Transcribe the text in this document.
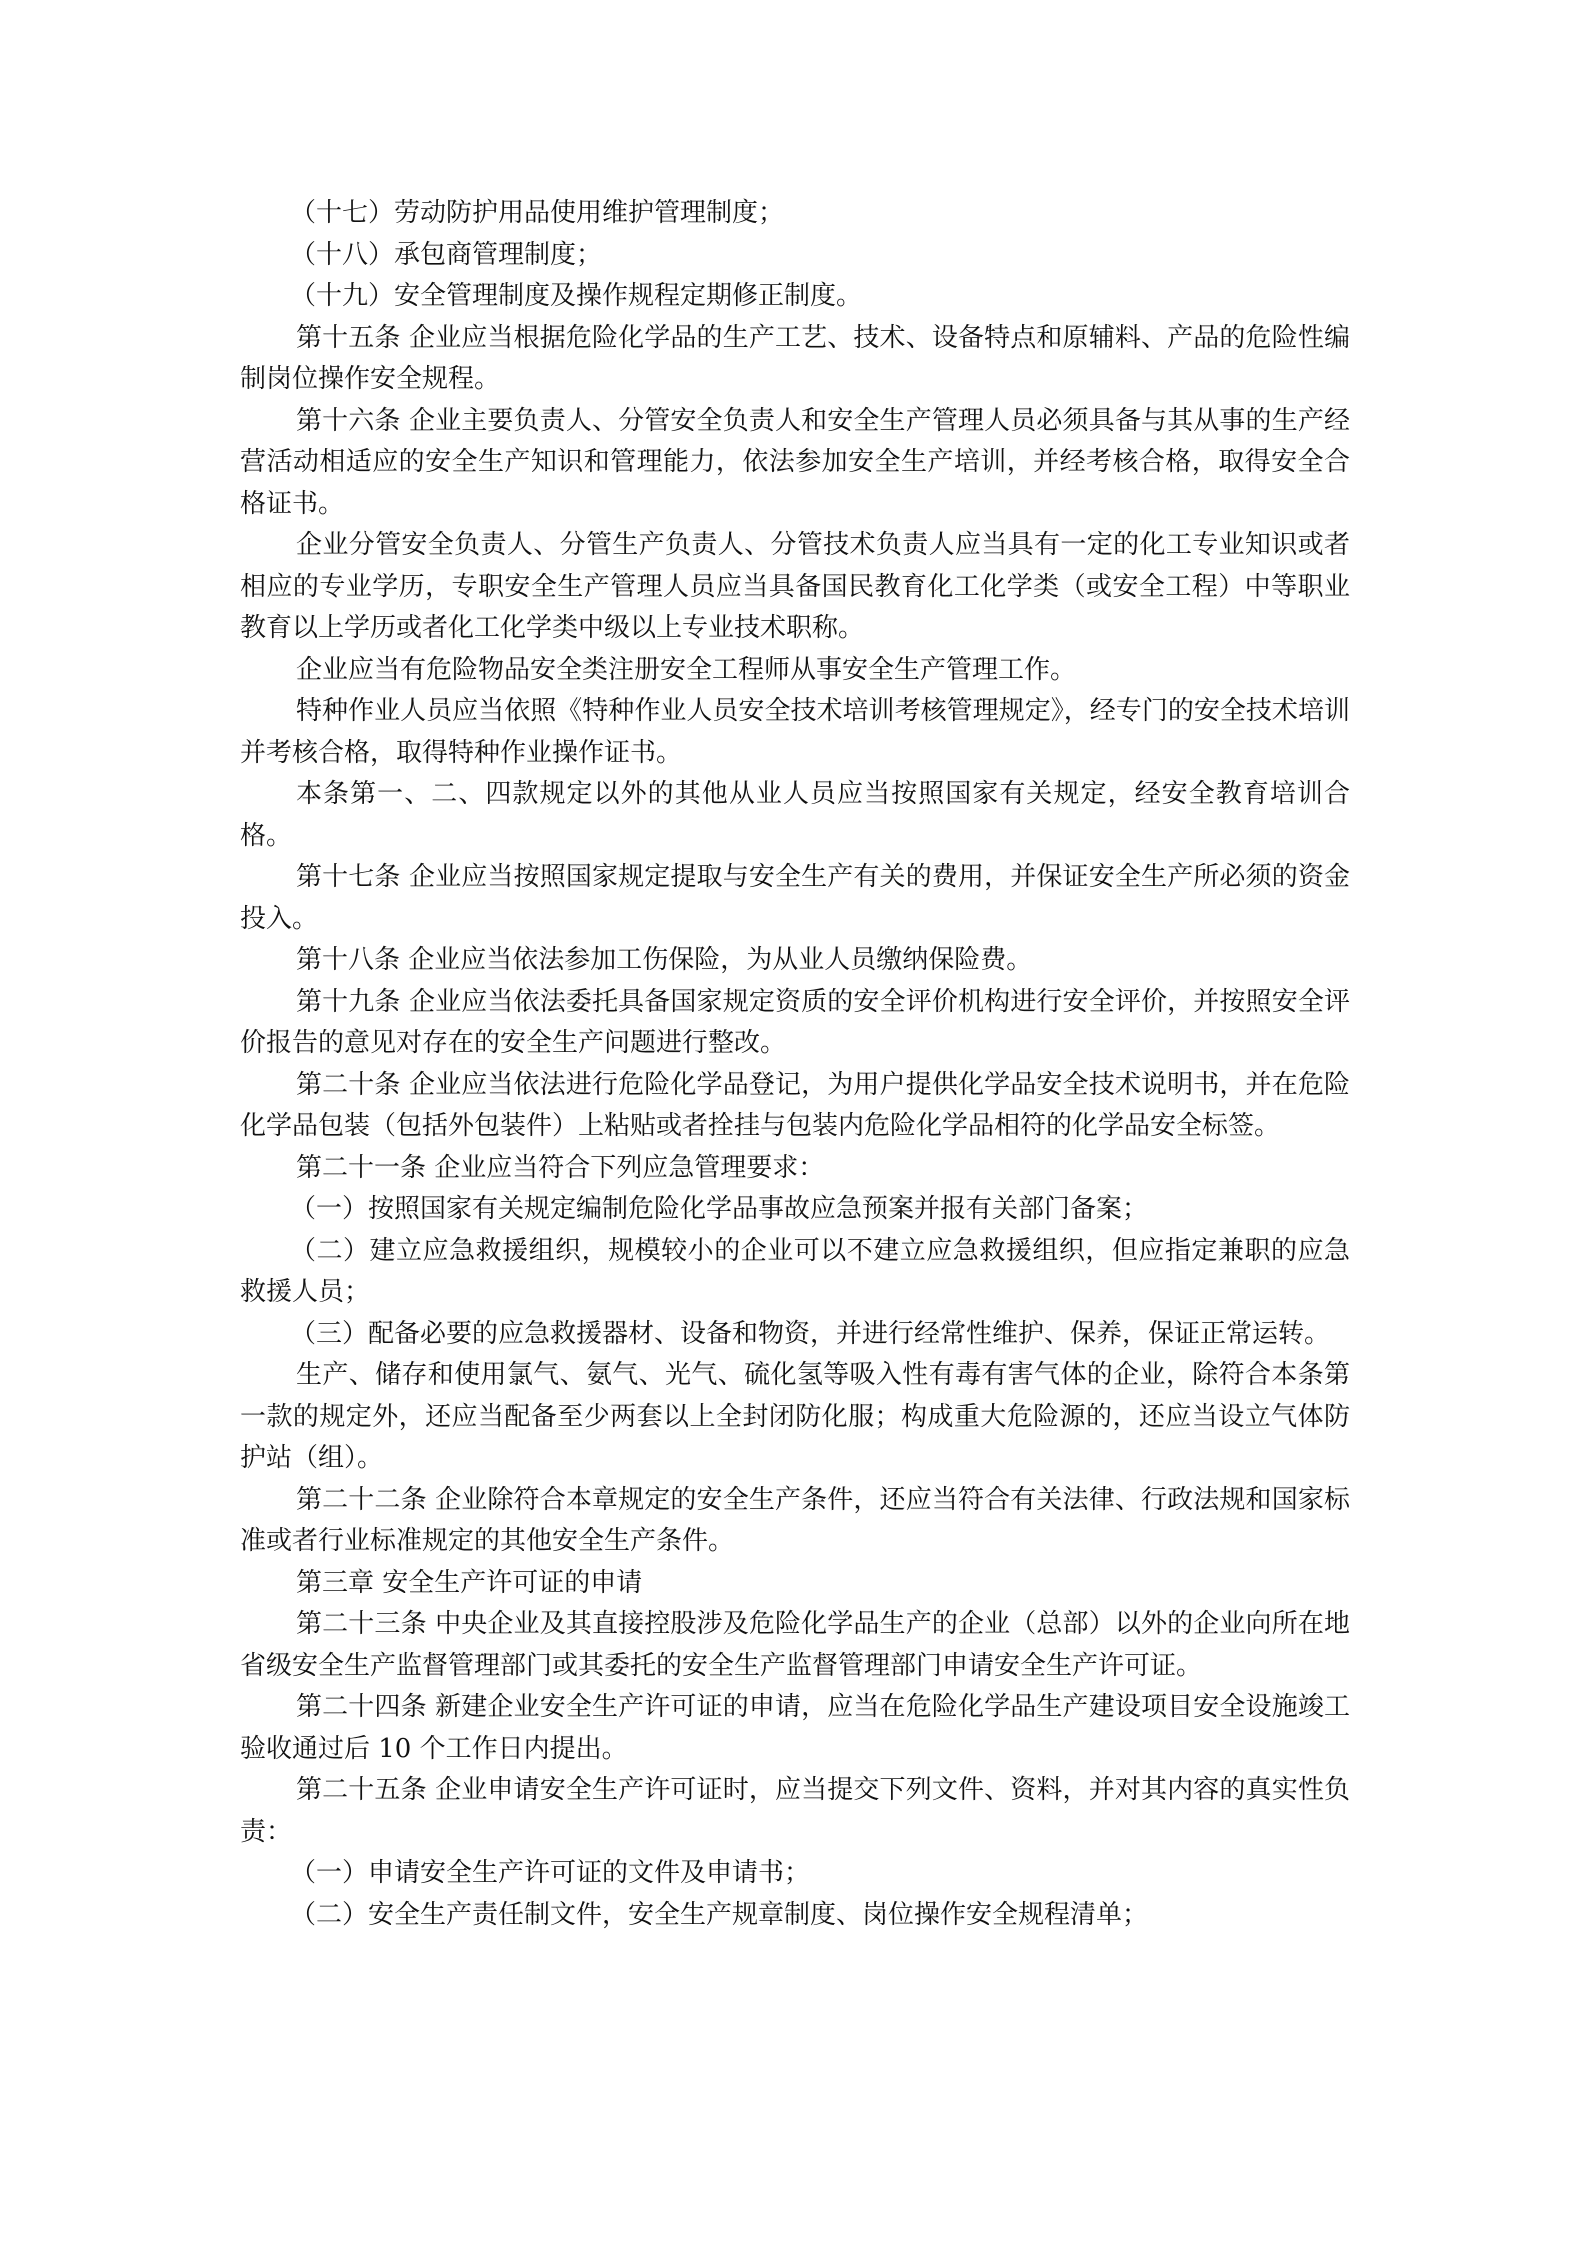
（十七）劳动防护用品使用维护管理制度；

（十八）承包商管理制度；

（十九）安全管理制度及操作规程定期修正制度。

第十五条 企业应当根据危险化学品的生产工艺、技术、设备特点和原辅料、产品的危险性编制岗位操作安全规程。

第十六条 企业主要负责人、分管安全负责人和安全生产管理人员必须具备与其从事的生产经营活动相适应的安全生产知识和管理能力，依法参加安全生产培训，并经考核合格，取得安全合格证书。

企业分管安全负责人、分管生产负责人、分管技术负责人应当具有一定的化工专业知识或者相应的专业学历，专职安全生产管理人员应当具备国民教育化工化学类（或安全工程）中等职业教育以上学历或者化工化学类中级以上专业技术职称。

企业应当有危险物品安全类注册安全工程师从事安全生产管理工作。

特种作业人员应当依照《特种作业人员安全技术培训考核管理规定》，经专门的安全技术培训并考核合格，取得特种作业操作证书。

本条第一、二、四款规定以外的其他从业人员应当按照国家有关规定，经安全教育培训合格。

第十七条 企业应当按照国家规定提取与安全生产有关的费用，并保证安全生产所必须的资金投入。

第十八条 企业应当依法参加工伤保险，为从业人员缴纳保险费。

第十九条 企业应当依法委托具备国家规定资质的安全评价机构进行安全评价，并按照安全评价报告的意见对存在的安全生产问题进行整改。

第二十条 企业应当依法进行危险化学品登记，为用户提供化学品安全技术说明书，并在危险化学品包装（包括外包装件）上粘贴或者拴挂与包装内危险化学品相符的化学品安全标签。

第二十一条 企业应当符合下列应急管理要求：

（一）按照国家有关规定编制危险化学品事故应急预案并报有关部门备案；

（二）建立应急救援组织，规模较小的企业可以不建立应急救援组织，但应指定兼职的应急救援人员；

（三）配备必要的应急救援器材、设备和物资，并进行经常性维护、保养，保证正常运转。

生产、储存和使用氯气、氨气、光气、硫化氢等吸入性有毒有害气体的企业，除符合本条第一款的规定外，还应当配备至少两套以上全封闭防化服；构成重大危险源的，还应当设立气体防护站（组）。

第二十二条 企业除符合本章规定的安全生产条件，还应当符合有关法律、行政法规和国家标准或者行业标准规定的其他安全生产条件。

第三章 安全生产许可证的申请

第二十三条 中央企业及其直接控股涉及危险化学品生产的企业（总部）以外的企业向所在地省级安全生产监督管理部门或其委托的安全生产监督管理部门申请安全生产许可证。

第二十四条 新建企业安全生产许可证的申请，应当在危险化学品生产建设项目安全设施竣工验收通过后 10 个工作日内提出。

第二十五条 企业申请安全生产许可证时，应当提交下列文件、资料，并对其内容的真实性负责：

（一）申请安全生产许可证的文件及申请书；

（二）安全生产责任制文件，安全生产规章制度、岗位操作安全规程清单；
